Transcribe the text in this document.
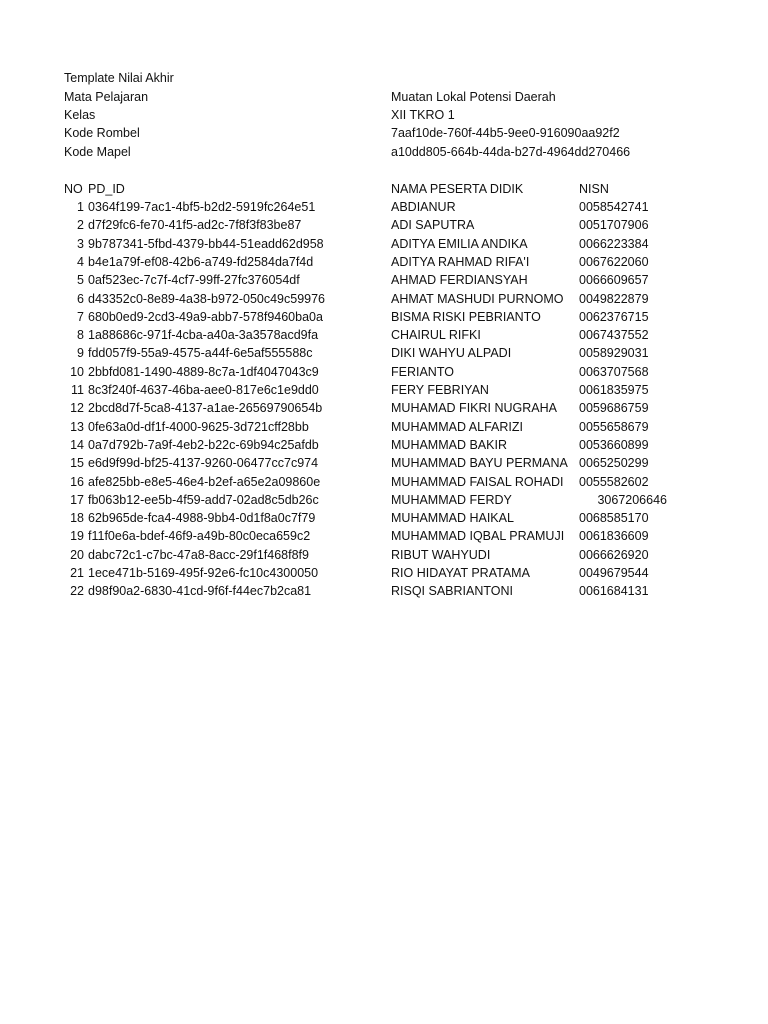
Template Nilai Akhir
Mata Pelajaran	Muatan Lokal Potensi Daerah
Kelas	XII TKRO 1
Kode Rombel	7aaf10de-760f-44b5-9ee0-916090aa92f2
Kode Mapel	a10dd805-664b-44da-b27d-4964dd270466
NO PD_ID	NAMA PESERTA DIDIK	NISN
1 0364f199-7ac1-4bf5-b2d2-5919fc264e51	ABDIANUR	0058542741
2 d7f29fc6-fe70-41f5-ad2c-7f8f3f83be87	ADI SAPUTRA	0051707906
3 9b787341-5fbd-4379-bb44-51eadd62d958	ADITYA EMILIA ANDIKA	0066223384
4 b4e1a79f-ef08-42b6-a749-fd2584da7f4d	ADITYA RAHMAD RIFA'I	0067622060
5 0af523ec-7c7f-4cf7-99ff-27fc376054df	AHMAD FERDIANSYAH	0066609657
6 d43352c0-8e89-4a38-b972-050c49c59976	AHMAT MASHUDI PURNOMO 0049822879
7 680b0ed9-2cd3-49a9-abb7-578f9460ba0a	BISMA RISKI PEBRIANTO	0062376715
8 1a88686c-971f-4cba-a40a-3a3578acd9fa	CHAIRUL RIFKI	0067437552
9 fdd057f9-55a9-4575-a44f-6e5af555588c	DIKI WAHYU ALPADI	0058929031
10 2bbfd081-1490-4889-8c7a-1df4047043c9	FERIANTO	0063707568
11 8c3f240f-4637-46ba-aee0-817e6c1e9dd0	FERY FEBRIYAN	0061835975
12 2bcd8d7f-5ca8-4137-a1ae-26569790654b	MUHAMAD FIKRI NUGRAHA 0059686759
13 0fe63a0d-df1f-4000-9625-3d721cff28bb	MUHAMMAD ALFARIZI	0055658679
14 0a7d792b-7a9f-4eb2-b22c-69b94c25afdb	MUHAMMAD BAKIR	0053660899
15 e6d9f99d-bf25-4137-9260-06477cc7c974	MUHAMMAD BAYU PERMANA 0065250299
16 afe825bb-e8e5-46e4-b2ef-a65e2a09860e	MUHAMMAD FAISAL ROHADI 0055582602
17 fb063b12-ee5b-4f59-add7-02ad8c5db26c	MUHAMMAD FERDY	3067206646
18 62b965de-fca4-4988-9bb4-0d1f8a0c7f79	MUHAMMAD HAIKAL	0068585170
19 f11f0e6a-bdef-46f9-a49b-80c0eca659c2	MUHAMMAD IQBAL PRAMUJI 0061836609
20 dabc72c1-c7bc-47a8-8acc-29f1f468f8f9	RIBUT WAHYUDI	0066626920
21 1ece471b-5169-495f-92e6-fc10c4300050	RIO HIDAYAT PRATAMA	0049679544
22 d98f90a2-6830-41cd-9f6f-f44ec7b2ca81	RISQI SABRIANTONI	0061684131
